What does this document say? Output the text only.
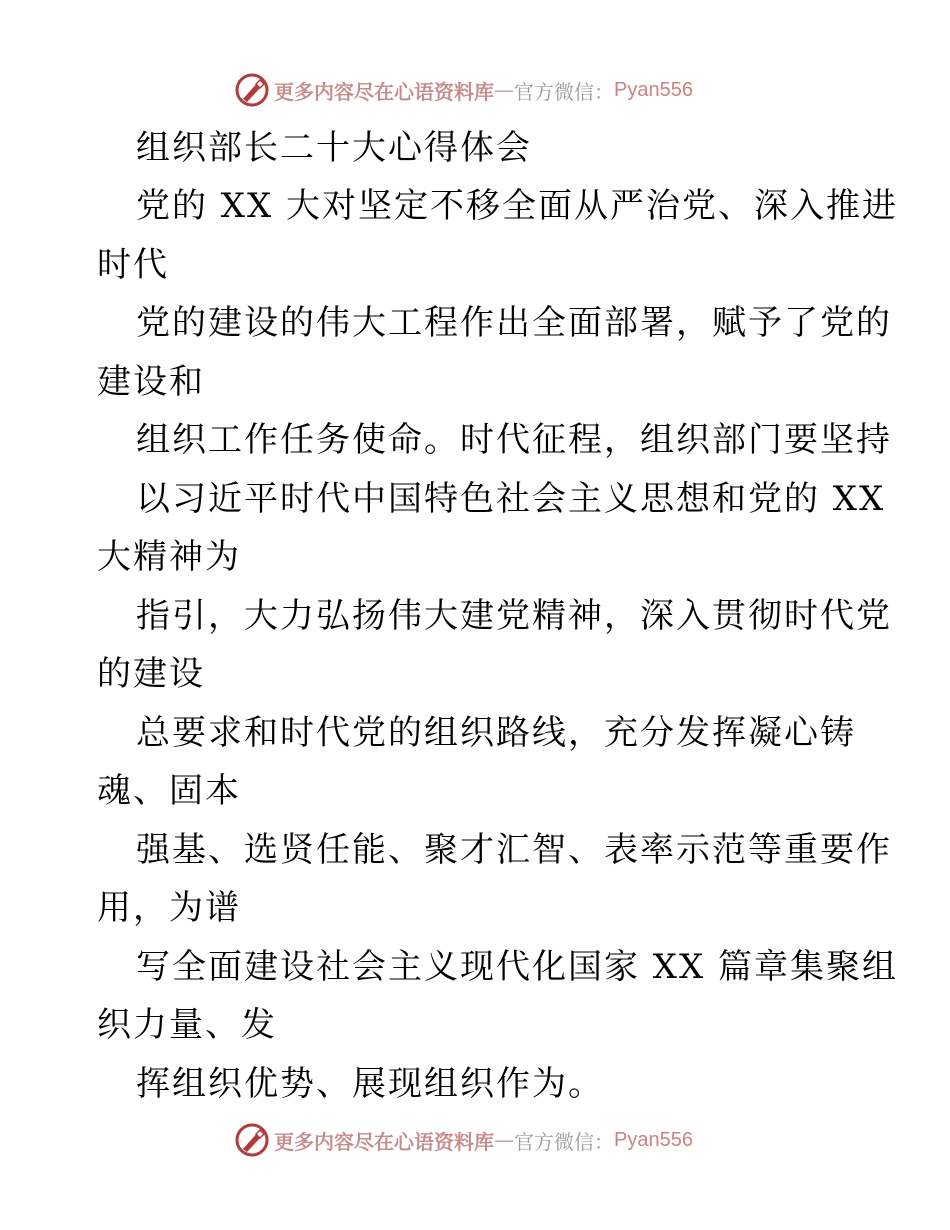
更多内容尽在心语资料库 — 官方微信： Pyan556
组织部长二十大心得体会
党的 XX 大对坚定不移全面从严治党、深入推进
时代
党的建设的伟大工程作出全面部署，赋予了党的
建设和
组织工作任务使命。时代征程，组织部门要坚持
以习近平时代中国特色社会主义思想和党的 XX
大精神为
指引，大力弘扬伟大建党精神，深入贯彻时代党
的建设
总要求和时代党的组织路线，充分发挥凝心铸
魂、固本
强基、选贤任能、聚才汇智、表率示范等重要作
用，为谱
写全面建设社会主义现代化国家 XX 篇章集聚组
织力量、发
挥组织优势、展现组织作为。
更多内容尽在心语资料库 — 官方微信： Pyan556
